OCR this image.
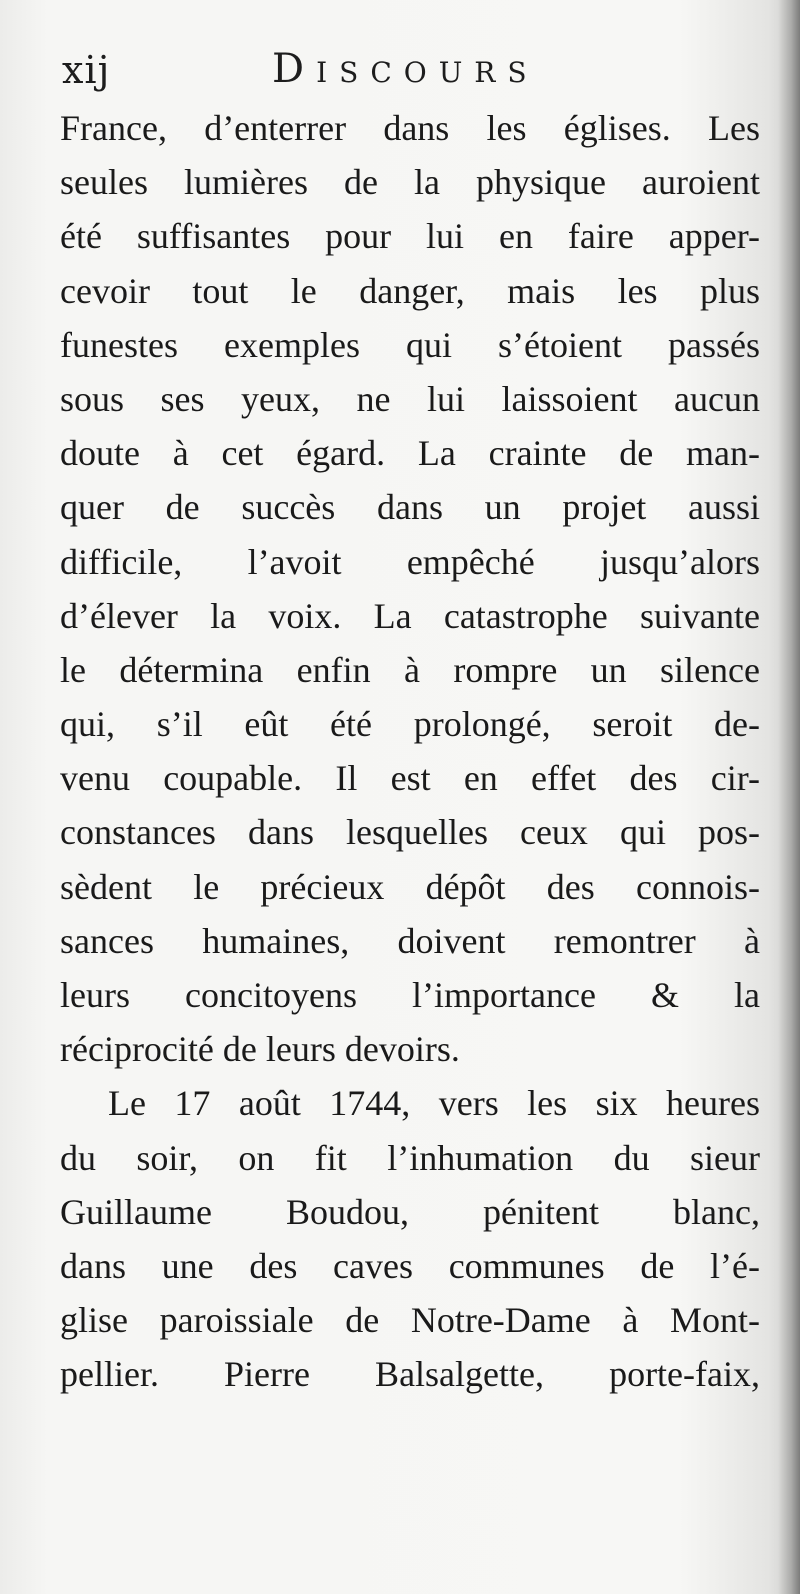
xij	Discours
France, d’enterrer dans les églises. Les
seules lumières de la physique auroient
été suffisantes pour lui en faire apper-
cevoir tout le danger, mais les plus
funestes exemples qui s’étoient passés
sous ses yeux, ne lui laissoient aucun
doute à cet égard. La crainte de man-
quer de succès dans un projet aussi
difficile, l’avoit empêché jusqu’alors
d’élever la voix. La catastrophe suivante
le détermina enfin à rompre un silence
qui, s’il eût été prolongé, seroit de-
venu coupable. Il est en effet des cir-
constances dans lesquelles ceux qui pos-
sèdent le précieux dépôt des connois-
sances humaines, doivent remontrer à
leurs concitoyens l’importance & la
réciprocité de leurs devoirs.
Le 17 août 1744, vers les six heures
du soir, on fit l’inhumation du sieur
Guillaume Boudou, pénitent blanc,
dans une des caves communes de l’é-
glise paroissiale de Notre-Dame à Mont-
pellier. Pierre Balsalgette, porte-faix,
